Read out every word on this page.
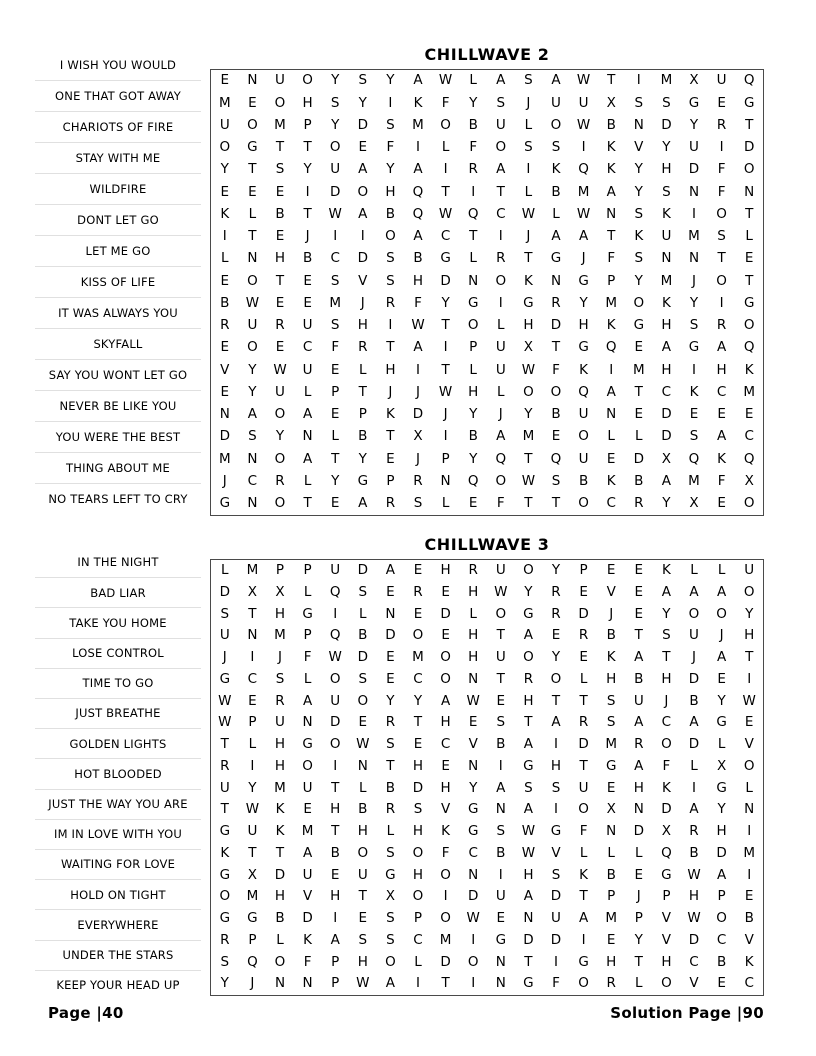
I WISH YOU WOULD
ONE THAT GOT AWAY
CHARIOTS OF FIRE
STAY WITH ME
WILDFIRE
DONT LET GO
LET ME GO
KISS OF LIFE
IT WAS ALWAYS YOU
SKYFALL
SAY YOU WONT LET GO
NEVER BE LIKE YOU
YOU WERE THE BEST
THING ABOUT ME
NO TEARS LEFT TO CRY
CHILLWAVE 2
E	N	U	O	Y	S	Y	A	W	L	A	S	A	W	T	I	M	X	U	Q
M	E	O	H	S	Y	I	K	F	Y	S	J	U	U	X	S	S	G	E	G
U	O	M	P	Y	D	S	M	O	B	U	L	O	W	B	N	D	Y	R	T
O	G	T	T	O	E	F	I	L	F	O	S	S	I	K	V	Y	U	I	D
Y	T	S	Y	U	A	Y	A	I	R	A	I	K	Q	K	Y	H	D	F	O
E	E	E	I	D	O	H	Q	T	I	T	L	B	M	A	Y	S	N	F	N
K	L	B	T	W	A	B	Q	W	Q	C	W	L	W	N	S	K	I	O	T
I	T	E	J	I	I	O	A	C	T	I	J	A	A	T	K	U	M	S	L
L	N	H	B	C	D	S	B	G	L	R	T	G	J	F	S	N	N	T	E
E	O	T	E	S	V	S	H	D	N	O	K	N	G	P	Y	M	J	O	T
B	W	E	E	M	J	R	F	Y	G	I	G	R	Y	M	O	K	Y	I	G
R	U	R	U	S	H	I	W	T	O	L	H	D	H	K	G	H	S	R	O
E	O	E	C	F	R	T	A	I	P	U	X	T	G	Q	E	A	G	A	Q
V	Y	W	U	E	L	H	I	T	L	U	W	F	K	I	M	H	I	H	K
E	Y	U	L	P	T	J	J	W	H	L	O	O	Q	A	T	C	K	C	M
N	A	O	A	E	P	K	D	J	Y	J	Y	B	U	N	E	D	E	E	E
D	S	Y	N	L	B	T	X	I	B	A	M	E	O	L	L	D	S	A	C
M	N	O	A	T	Y	E	J	P	Y	Q	T	Q	U	E	D	X	Q	K	Q
J	C	R	L	Y	G	P	R	N	Q	O	W	S	B	K	B	A	M	F	X
G	N	O	T	E	A	R	S	L	E	F	T	T	O	C	R	Y	X	E	O
IN THE NIGHT
BAD LIAR
TAKE YOU HOME
LOSE CONTROL
TIME TO GO
JUST BREATHE
GOLDEN LIGHTS
HOT BLOODED
JUST THE WAY YOU ARE
IM IN LOVE WITH YOU
WAITING FOR LOVE
HOLD ON TIGHT
EVERYWHERE
UNDER THE STARS
KEEP YOUR HEAD UP
CHILLWAVE 3
L	M	P	P	U	D	A	E	H	R	U	O	Y	P	E	E	K	L	L	U
D	X	X	L	Q	S	E	R	E	H	W	Y	R	E	V	E	A	A	A	O
S	T	H	G	I	L	N	E	D	L	O	G	R	D	J	E	Y	O	O	Y
U	N	M	P	Q	B	D	O	E	H	T	A	E	R	B	T	S	U	J	H
J	I	J	F	W	D	E	M	O	H	U	O	Y	E	K	A	T	J	A	T
G	C	S	L	O	S	E	C	O	N	T	R	O	L	H	B	H	D	E	I
W	E	R	A	U	O	Y	Y	A	W	E	H	T	T	S	U	J	B	Y	W
W	P	U	N	D	E	R	T	H	E	S	T	A	R	S	A	C	A	G	E
T	L	H	G	O	W	S	E	C	V	B	A	I	D	M	R	O	D	L	V
R	I	H	O	I	N	T	H	E	N	I	G	H	T	G	A	F	L	X	O
U	Y	M	U	T	L	B	D	H	Y	A	S	S	U	E	H	K	I	G	L
T	W	K	E	H	B	R	S	V	G	N	A	I	O	X	N	D	A	Y	N
G	U	K	M	T	H	L	H	K	G	S	W	G	F	N	D	X	R	H	I
K	T	T	A	B	O	S	O	F	C	B	W	V	L	L	L	Q	B	D	M
G	X	D	U	E	U	G	H	O	N	I	H	S	K	B	E	G	W	A	I
O	M	H	V	H	T	X	O	I	D	U	A	D	T	P	J	P	H	P	E
G	G	B	D	I	E	S	P	O	W	E	N	U	A	M	P	V	W	O	B
R	P	L	K	A	S	S	C	M	I	G	D	D	I	E	Y	V	D	C	V
S	Q	O	F	P	H	O	L	D	O	N	T	I	G	H	T	H	C	B	K
Y	J	N	N	P	W	A	I	T	I	N	G	F	O	R	L	O	V	E	C
Page |40	Solution Page |90
